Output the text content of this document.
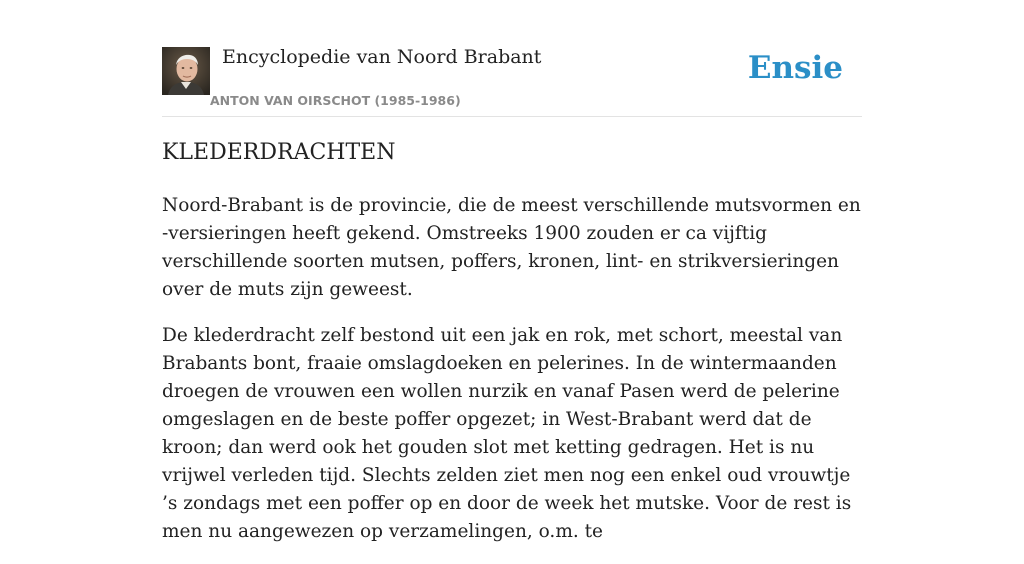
Encyclopedie van Noord Brabant
ANTON VAN OIRSCHOT (1985-1986)
Ensie
KLEDERDRACHTEN

Noord-Brabant is de provincie, die de meest verschillende mutsvormen en -versieringen heeft gekend. Omstreeks 1900 zouden er ca vijftig verschillende soorten mutsen, poffers, kronen, lint- en strikversieringen over de muts zijn geweest.

De klederdracht zelf bestond uit een jak en rok, met schort, meestal van Brabants bont, fraaie omslagdoeken en pelerines. In de wintermaanden droegen de vrouwen een wollen nurzik en vanaf Pasen werd de pelerine omgeslagen en de beste poffer opgezet; in West-Brabant werd dat de kroon; dan werd ook het gouden slot met ketting gedragen. Het is nu vrijwel verleden tijd. Slechts zelden ziet men nog een enkel oud vrouwtje ’s zondags met een poffer op en door de week het mutske. Voor de rest is men nu aangewezen op verzamelingen, o.m. te
